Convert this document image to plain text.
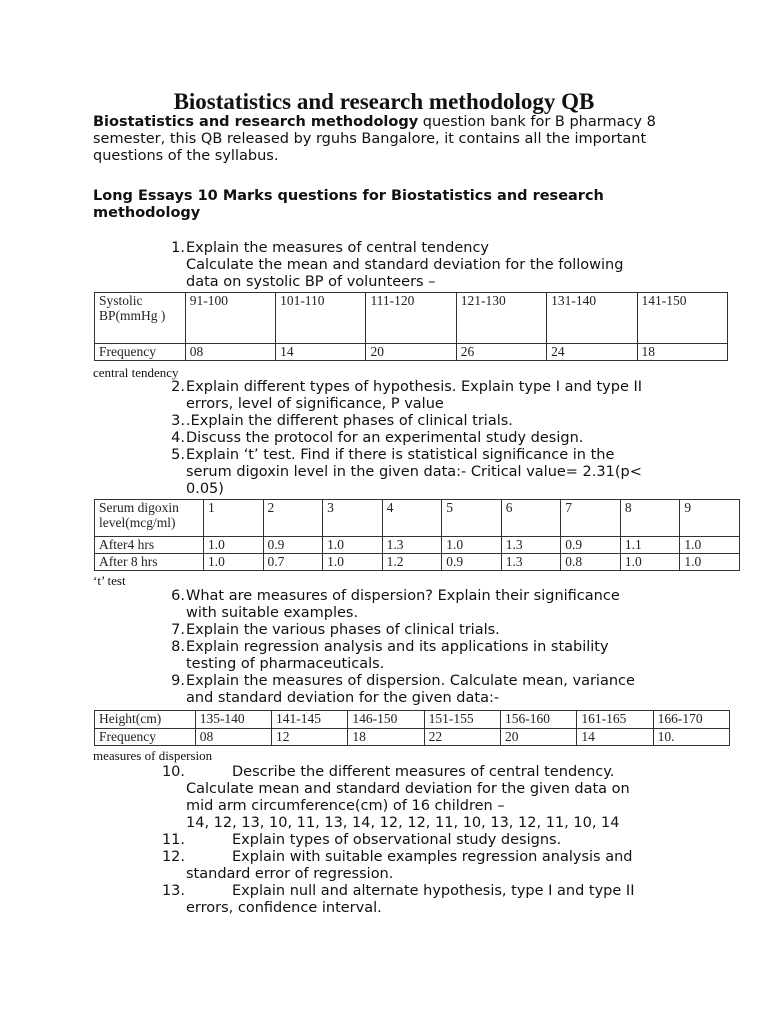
Biostatistics and research methodology QB

Biostatistics and research methodology question bank for B pharmacy 8 semester, this QB released by rguhs Bangalore, it contains all the important questions of the syllabus.

Long Essays 10 Marks questions for Biostatistics and research methodology

1. Explain the measures of central tendency
Calculate the mean and standard deviation for the following
data on systolic BP of volunteers –
Systolic BP(mmHg )	91-100	101-110	111-120	121-130	131-140	141-150
Frequency	08	14	20	26	24	18

central tendency

2. Explain different types of hypothesis. Explain type I and type II
errors, level of significance, P value
3. .Explain the different phases of clinical trials.
4. Discuss the protocol for an experimental study design.
5. Explain ‘t’ test. Find if there is statistical significance in the
serum digoxin level in the given data:- Critical value= 2.31(p<
0.05)
Serum digoxin level(mcg/ml)	1	2	3	4	5	6	7	8	9
After4 hrs	1.0	0.9	1.0	1.3	1.0	1.3	0.9	1.1	1.0
After 8 hrs	1.0	0.7	1.0	1.2	0.9	1.3	0.8	1.0	1.0

‘t’ test

6. What are measures of dispersion? Explain their significance
with suitable examples.
7. Explain the various phases of clinical trials.
8. Explain regression analysis and its applications in stability
testing of pharmaceuticals.
9. Explain the measures of dispersion. Calculate mean, variance
and standard deviation for the given data:-
Height(cm)	135-140	141-145	146-150	151-155	156-160	161-165	166-170
Frequency	08	12	18	22	20	14	10.

measures of dispersion

10.	Describe the different measures of central tendency.
Calculate mean and standard deviation for the given data on
mid arm circumference(cm) of 16 children –
14, 12, 13, 10, 11, 13, 14, 12, 12, 11, 10, 13, 12, 11, 10, 14
11.	Explain types of observational study designs.
12.	Explain with suitable examples regression analysis and
standard error of regression.
13.	Explain null and alternate hypothesis, type I and type II
errors, confidence interval.
